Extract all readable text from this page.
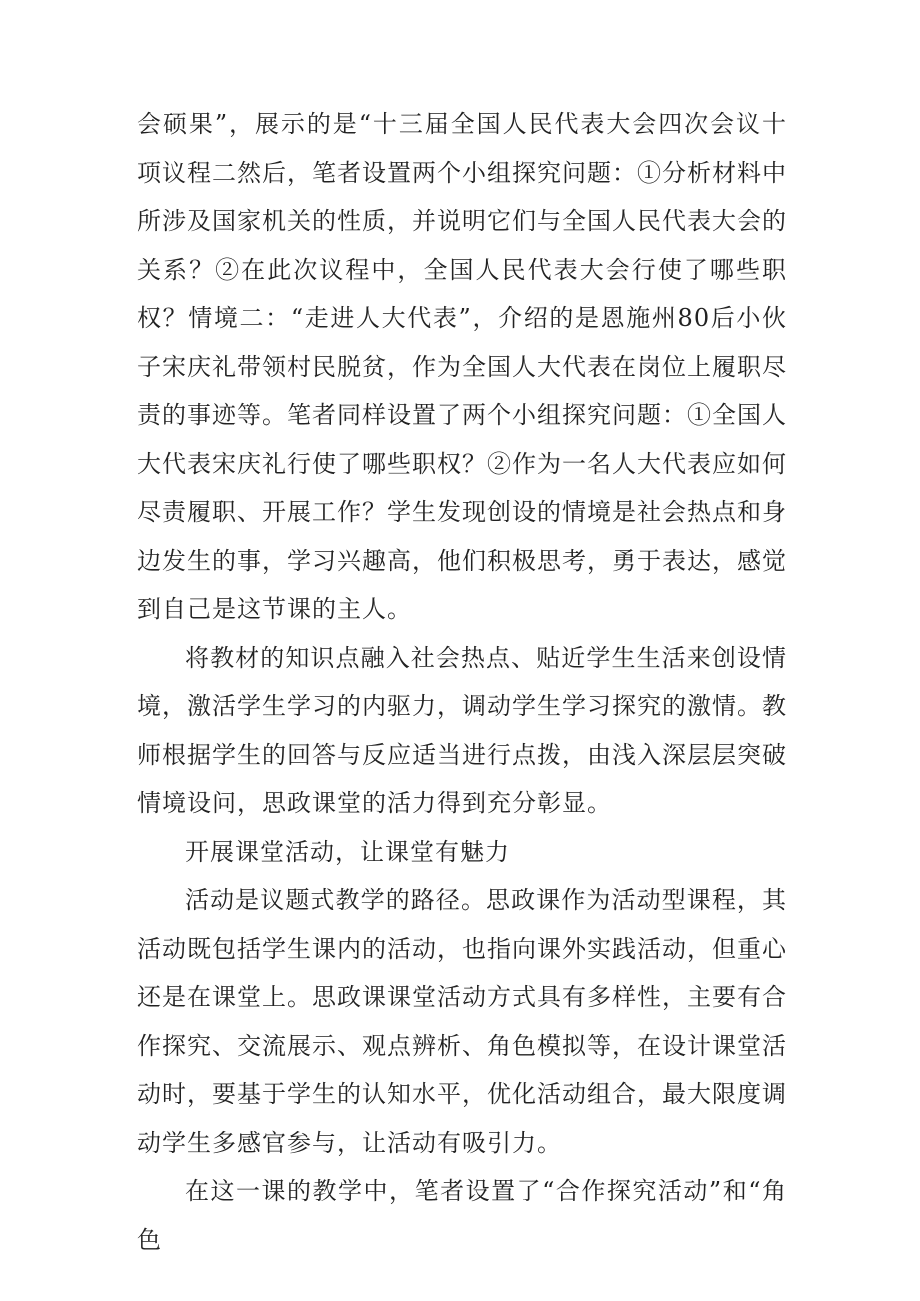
会硕果”，展示的是“十三届全国人民代表大会四次会议十项议程二然后，笔者设置两个小组探究问题：①分析材料中所涉及国家机关的性质，并说明它们与全国人民代表大会的关系？②在此次议程中，全国人民代表大会行使了哪些职权？情境二：“走进人大代表”，介绍的是恩施州80后小伙子宋庆礼带领村民脱贫，作为全国人大代表在岗位上履职尽责的事迹等。笔者同样设置了两个小组探究问题：①全国人大代表宋庆礼行使了哪些职权？②作为一名人大代表应如何尽责履职、开展工作？学生发现创设的情境是社会热点和身边发生的事，学习兴趣高，他们积极思考，勇于表达，感觉到自己是这节课的主人。

将教材的知识点融入社会热点、贴近学生生活来创设情境，激活学生学习的内驱力，调动学生学习探究的激情。教师根据学生的回答与反应适当进行点拨，由浅入深层层突破情境设问，思政课堂的活力得到充分彰显。

开展课堂活动，让课堂有魅力

活动是议题式教学的路径。思政课作为活动型课程，其活动既包括学生课内的活动，也指向课外实践活动，但重心还是在课堂上。思政课课堂活动方式具有多样性，主要有合作探究、交流展示、观点辨析、角色模拟等，在设计课堂活动时，要基于学生的认知水平，优化活动组合，最大限度调动学生多感官参与，让活动有吸引力。

在这一课的教学中，笔者设置了“合作探究活动”和“角色
